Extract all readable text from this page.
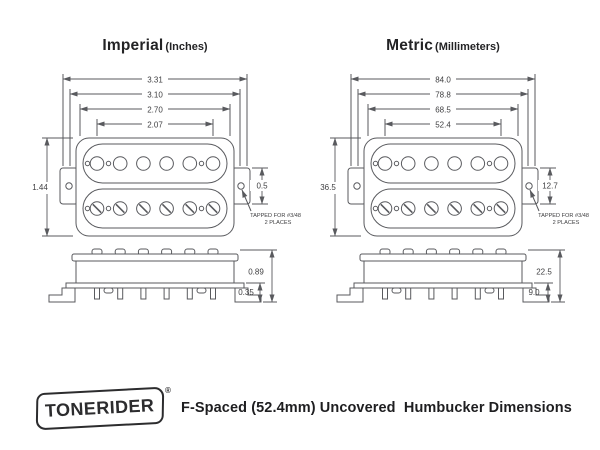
3.31
3.10
2.70
2.07
1.44	0.5
TAPPED FOR #3/48
2 PLACES
0.89
0.35
84.0
78.8
68.5
52.4
36.5	12.7
TAPPED FOR #3/48
2 PLACES
22.5
9.0
Imperial (Inches)	Metric (Millimeters)
TONERIDER
®
F-Spaced (52.4mm) Uncovered  Humbucker Dimensions
